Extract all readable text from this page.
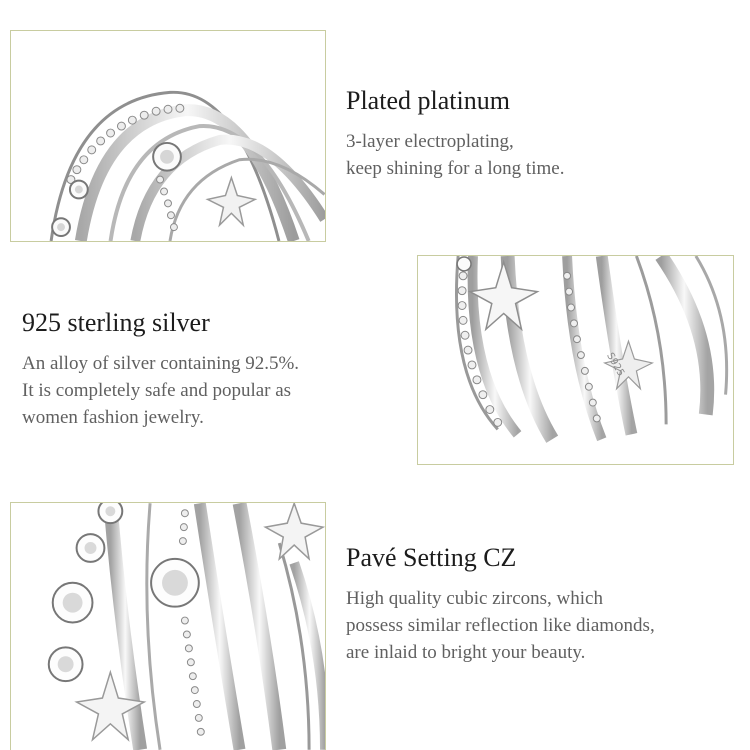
Plated platinum
3-layer electroplating,
keep shining for a long time.
925 sterling silver
An alloy of silver containing 92.5%.
It is completely safe and popular as
women fashion jewelry.
S925
Pavé Setting CZ
High quality cubic zircons, which
possess similar reflection like diamonds,
are inlaid to bright your beauty.
